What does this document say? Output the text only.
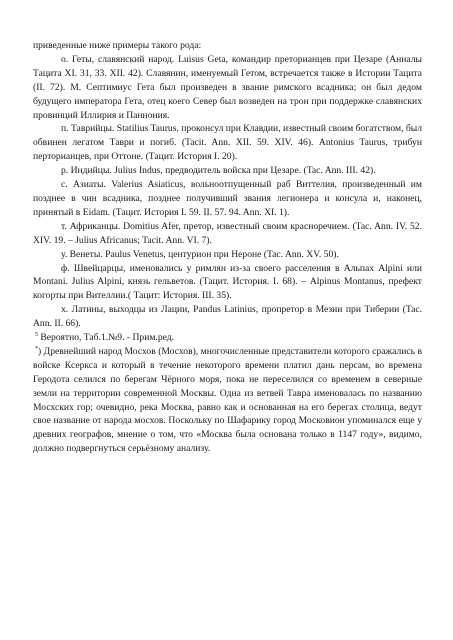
приведенные ниже примеры такого рода:

о. Геты, славянский народ. Luisus Geta, командир преторианцев при Цезаре (Анналы Тацита XI. 31, 33. XII. 42). Славянин, именуемый Гетом, встречается также в Истории Тацита (II. 72). М. Септимиус Гета был произведен в звание римского всадника; он был дедом будущего императора Гета, отец коего Север был возведен на трон при поддержке славянских провинций Иллирия и Паннония.

п. Таврийцы. Statilius Taurus, проконсул при Клавдии, известный своим богатством, был обвинен легатом Таври и погиб. (Tacit. Ann. XII. 59. XIV. 46). Antonius Taurus, трибун перторианцев, при Оттоне. (Тацит. История I. 20).

р. Индийцы. Julius Indus, предводитель войска при Цезаре. (Tac. Ann. III. 42).

с. Азиаты. Valerius Asiaticus, вольноотпущенный раб Виттелия, произведенный им позднее в чин всадника, позднее получивший звания легионера и консула и, наконец, принятый в Eidam. (Тацит. История I. 59. II. 57. 94. Ann. XI. 1).

т. Африканцы. Domitius Afer, претор, известный своим красноречием. (Tac. Ann. IV. 52. XIV. 19. – Julius Africanus; Tacit. Ann. VI. 7).

у. Венеты. Paulus Venetus, центурион при Нероне (Tac. Ann. XV. 50).

ф. Швейцарцы, именовались у римлян из-за своего расселения в Альпах Alpini или Montani. Julius Alpini, князь гельветов. (Тацит. История. I. 68). – Alpinus Montanus, префект когорты при Вителлии.( Тацит: История. III. 35).

х. Латины, выходцы из Лации, Pandus Latinius, пропретор в Мезии при Тиберии (Tac. Ann. II. 66).

$^5$ Вероятно, Таб.1.№9. - Прим.ред.

*) Древнейший народ Мосхов (Мосхов), многочисленные представители которого сражались в войске Ксеркса и который в течение некоторого времени платил дань персам, во времена Геродота селился по берегам Чёрного моря, пока не переселился со временем в северные земли на территории современной Москвы. Одна из ветвей Тавра именовалась по названию Мосхских гор; очевидно, река Москва, равно как и основанная на его берегах столица, ведут свое название от народа мосхов. Поскольку по Шафарику город Московион упоминался еще у древних географов, мнение о том, что «Москва была основана только в 1147 году», видимо, должно подвергнуться серьёзному анализу.
